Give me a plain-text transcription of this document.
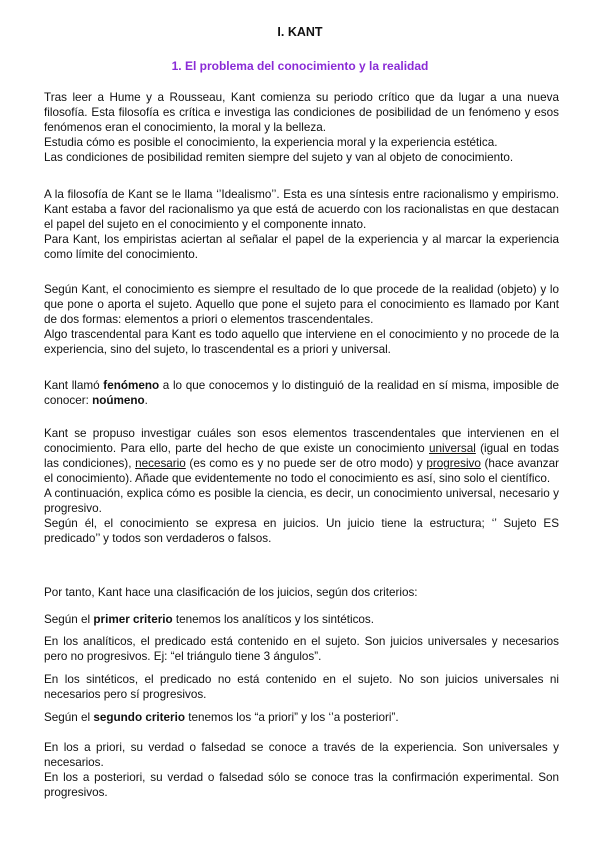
I. KANT
1. El problema del conocimiento y la realidad

Tras leer a Hume y a Rousseau, Kant comienza su periodo crítico que da lugar a una nueva filosofía. Esta filosofía es crítica e investiga las condiciones de posibilidad de un fenómeno y esos fenómenos eran el conocimiento, la moral y la belleza.

Estudia cómo es posible el conocimiento, la experiencia moral y la experiencia estética.

Las condiciones de posibilidad remiten siempre del sujeto y van al objeto de conocimiento.

A la filosofía de Kant se le llama ‘’Idealismo’’. Esta es una síntesis entre racionalismo y empirismo. Kant estaba a favor del racionalismo ya que está de acuerdo con los racionalistas en que destacan el papel del sujeto en el conocimiento y el componente innato.

Para Kant, los empiristas aciertan al señalar el papel de la experiencia y al marcar la experiencia como límite del conocimiento.

Según Kant, el conocimiento es siempre el resultado de lo que procede de la realidad (objeto) y lo que pone o aporta el sujeto. Aquello que pone el sujeto para el conocimiento es llamado por Kant de dos formas: elementos a priori o elementos trascendentales.

Algo trascendental para Kant es todo aquello que interviene en el conocimiento y no procede de la experiencia, sino del sujeto, lo trascendental es a priori y universal.

Kant llamó fenómeno a lo que conocemos y lo distinguió de la realidad en sí misma, imposible de conocer: noúmeno.

Kant se propuso investigar cuáles son esos elementos trascendentales que intervienen en el conocimiento. Para ello, parte del hecho de que existe un conocimiento universal (igual en todas las condiciones), necesario (es como es y no puede ser de otro modo) y progresivo (hace avanzar el conocimiento). Añade que evidentemente no todo el conocimiento es así, sino solo el científico.

A continuación, explica cómo es posible la ciencia, es decir, un conocimiento universal, necesario y progresivo.

Según él, el conocimiento se expresa en juicios. Un juicio tiene la estructura; ‘’ Sujeto ES predicado’’ y todos son verdaderos o falsos.

Por tanto, Kant hace una clasificación de los juicios, según dos criterios:

Según el primer criterio tenemos los analíticos y los sintéticos.

En los analíticos, el predicado está contenido en el sujeto. Son juicios universales y necesarios pero no progresivos. Ej: “el triángulo tiene 3 ángulos”.

En los sintéticos, el predicado no está contenido en el sujeto. No son juicios universales ni necesarios pero sí progresivos.

Según el segundo criterio tenemos los “a priori” y los ‘’a posteriori”.

En los a priori, su verdad o falsedad se conoce a través de la experiencia. Son universales y necesarios.

En los a posteriori, su verdad o falsedad sólo se conoce tras la confirmación experimental. Son progresivos.
